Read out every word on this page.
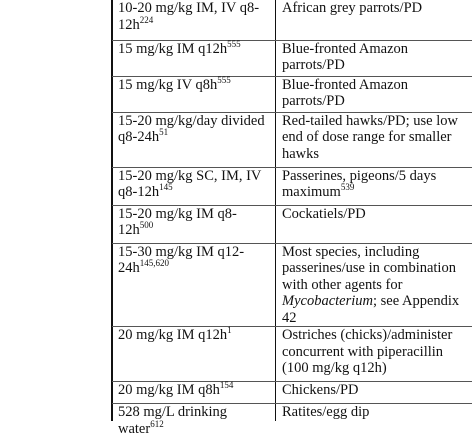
10-20 mg/kg IM, IV $q8-12h^{224}$	African grey parrots/PD
15 mg/kg IM $q12h^{555}$	Blue-fronted Amazon parrots/PD
15 mg/kg IV $q8h^{555}$	Blue-fronted Amazon parrots/PD
15-20 mg/kg/day divided $q8-24h^{51}$	Red-tailed hawks/PD; use low end of dose range for smaller hawks
15-20 mg/kg SC, IM, IV $q8-12h^{145}$	Passerines, pigeons/5 days maximum$^{539}$
15-20 mg/kg IM $q8-12h^{500}$	Cockatiels/PD
15-30 mg/kg IM $q12-24h^{145,620}$	Most species, including passerines/use in combination with other agents for Mycobacterium; see Appendix 42
20 mg/kg IM $q12h^1$	Ostriches (chicks)/administer concurrent with piperacillin (100 mg/kg q12h)
20 mg/kg IM $q8h^{154}$	Chickens/PD
528 mg/L drinking water$^{612}$	Ratites/egg dip
